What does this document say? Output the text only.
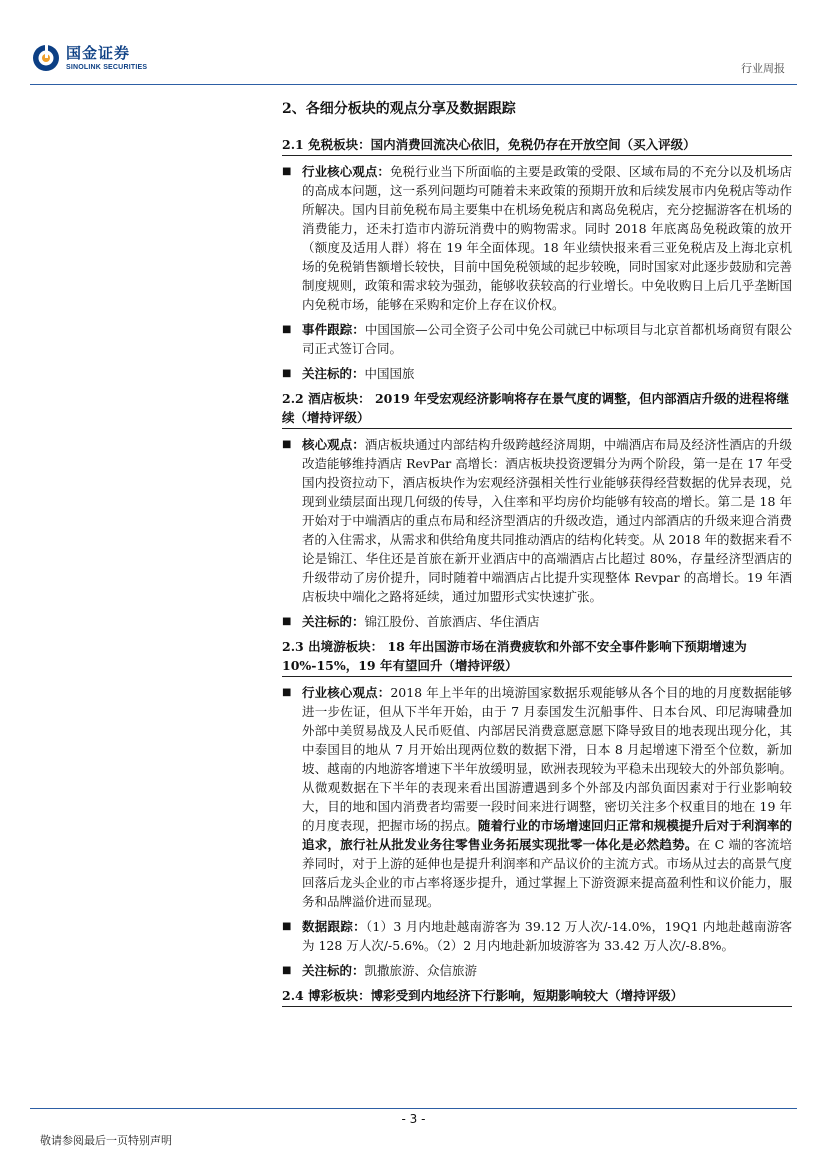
国金证券
SINOLINK SECURITIES	行业周报
2、各细分板块的观点分享及数据跟踪
2.1 免税板块：国内消费回流决心依旧，免税仍存在开放空间（买入评级）
■ 行业核心观点：免税行业当下所面临的主要是政策的受限、区域布局的不充分以及机场店的高成本问题，这一系列问题均可随着未来政策的预期开放和后续发展市内免税店等动作所解决。国内目前免税布局主要集中在机场免税店和离岛免税店，充分挖掘游客在机场的消费能力，还未打造市内游玩消费中的购物需求。同时 2018 年底离岛免税政策的放开（额度及适用人群）将在 19 年全面体现。18 年业绩快报来看三亚免税店及上海北京机场的免税销售额增长较快，目前中国免税领域的起步较晚，同时国家对此逐步鼓励和完善制度规则，政策和需求较为强劲，能够收获较高的行业增长。中免收购日上后几乎垄断国内免税市场，能够在采购和定价上存在议价权。
■ 事件跟踪：中国国旅—公司全资子公司中免公司就已中标项目与北京首都机场商贸有限公司正式签订合同。
■ 关注标的：中国国旅
2.2 酒店板块： 2019 年受宏观经济影响将存在景气度的调整，但内部酒店升级的进程将继续（增持评级）
■ 核心观点：酒店板块通过内部结构升级跨越经济周期，中端酒店布局及经济性酒店的升级改造能够维持酒店 RevPar 高增长：酒店板块投资逻辑分为两个阶段，第一是在 17 年受国内投资拉动下，酒店板块作为宏观经济强相关性行业能够获得经营数据的优异表现，兑现到业绩层面出现几何级的传导，入住率和平均房价均能够有较高的增长。第二是 18 年开始对于中端酒店的重点布局和经济型酒店的升级改造，通过内部酒店的升级来迎合消费者的入住需求，从需求和供给角度共同推动酒店的结构化转变。从 2018 年的数据来看不论是锦江、华住还是首旅在新开业酒店中的高端酒店占比超过 80%，存量经济型酒店的升级带动了房价提升，同时随着中端酒店占比提升实现整体 Revpar 的高增长。19 年酒店板块中端化之路将延续，通过加盟形式实快速扩张。
■ 关注标的：锦江股份、首旅酒店、华住酒店
2.3 出境游板块： 18 年出国游市场在消费疲软和外部不安全事件影响下预期增速为 10%-15%，19 年有望回升（增持评级）
■ 行业核心观点：2018 年上半年的出境游国家数据乐观能够从各个目的地的月度数据能够进一步佐证，但从下半年开始，由于 7 月泰国发生沉船事件、日本台风、印尼海啸叠加外部中美贸易战及人民币贬值、内部居民消费意愿意愿下降导致目的地表现出现分化，其中泰国目的地从 7 月开始出现两位数的数据下滑，日本 8 月起增速下滑至个位数，新加坡、越南的内地游客增速下半年放缓明显，欧洲表现较为平稳未出现较大的外部负影响。从微观数据在下半年的表现来看出国游遭遇到多个外部及内部负面因素对于行业影响较大，目的地和国内消费者均需要一段时间来进行调整，密切关注多个权重目的地在 19 年的月度表现，把握市场的拐点。随着行业的市场增速回归正常和规模提升后对于利润率的追求，旅行社从批发业务往零售业务拓展实现批零一体化是必然趋势。在 C 端的客流培养同时，对于上游的延伸也是提升利润率和产品议价的主流方式。市场从过去的高景气度回落后龙头企业的市占率将逐步提升，通过掌握上下游资源来提高盈利性和议价能力，服务和品牌溢价进而显现。
■ 数据跟踪：（1）3 月内地赴越南游客为 39.12 万人次/-14.0%，19Q1 内地赴越南游客为 128 万人次/-5.6%。（2）2 月内地赴新加坡游客为 33.42 万人次/-8.8%。
■ 关注标的：凯撒旅游、众信旅游
2.4 博彩板块：博彩受到内地经济下行影响，短期影响较大（增持评级）
- 3 -
敬请参阅最后一页特别声明
